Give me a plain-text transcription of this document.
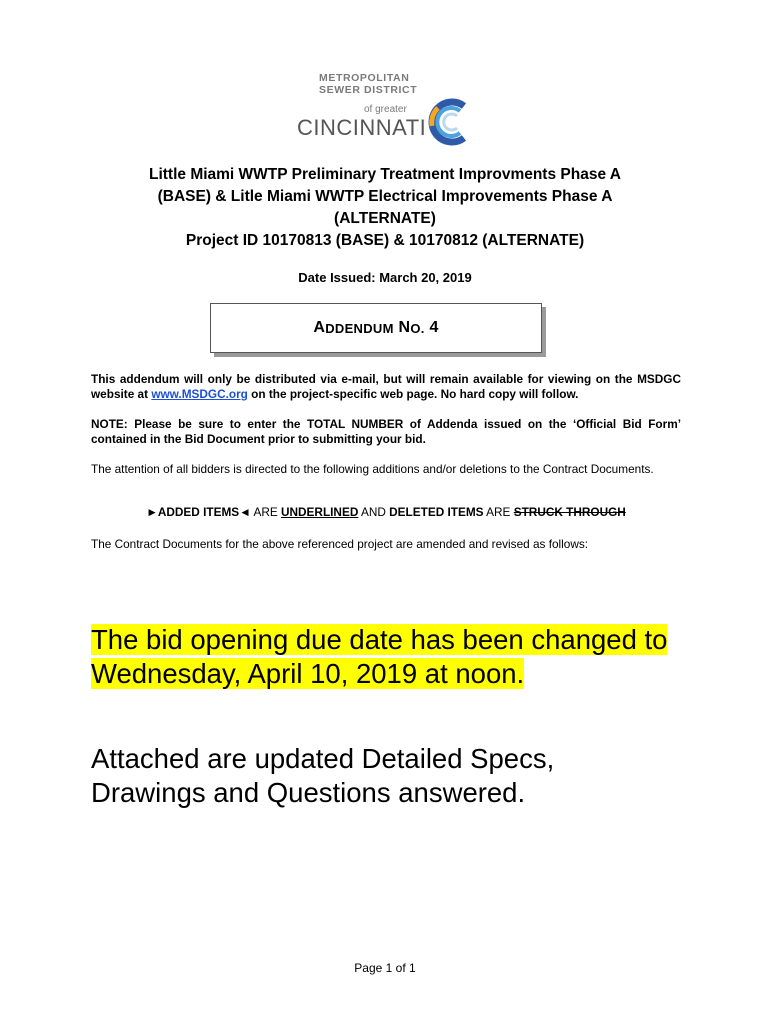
METROPOLITAN
SEWER DISTRICT
of greater
CINCINNATI
Little Miami WWTP Preliminary Treatment Improvments Phase A
(BASE) & Litle Miami WWTP Electrical Improvements Phase A
(ALTERNATE)
Project ID 10170813 (BASE) & 10170812 (ALTERNATE)
Date Issued: March 20, 2019
A DDENDUM
N O.
4
This addendum will only be distributed via e-mail, but will remain available for viewing on the MSDGC website at www.MSDGC.org on the project-specific web page. No hard copy will follow.
NOTE: Please be sure to enter the TOTAL NUMBER of Addenda issued on the ‘Official Bid Form’ contained in the Bid Document prior to submitting your bid.
The attention of all bidders is directed to the following additions and/or deletions to the Contract Documents.
►ADDED ITEMS◄ ARE UNDERLINED AND DELETED ITEMS ARE STRUCK THROUGH
The Contract Documents for the above referenced project are amended and revised as follows:
The bid opening due date has been changed to
Wednesday, April 10, 2019 at noon.
Attached are updated Detailed Specs,
Drawings and Questions answered.
Page 1 of 1
